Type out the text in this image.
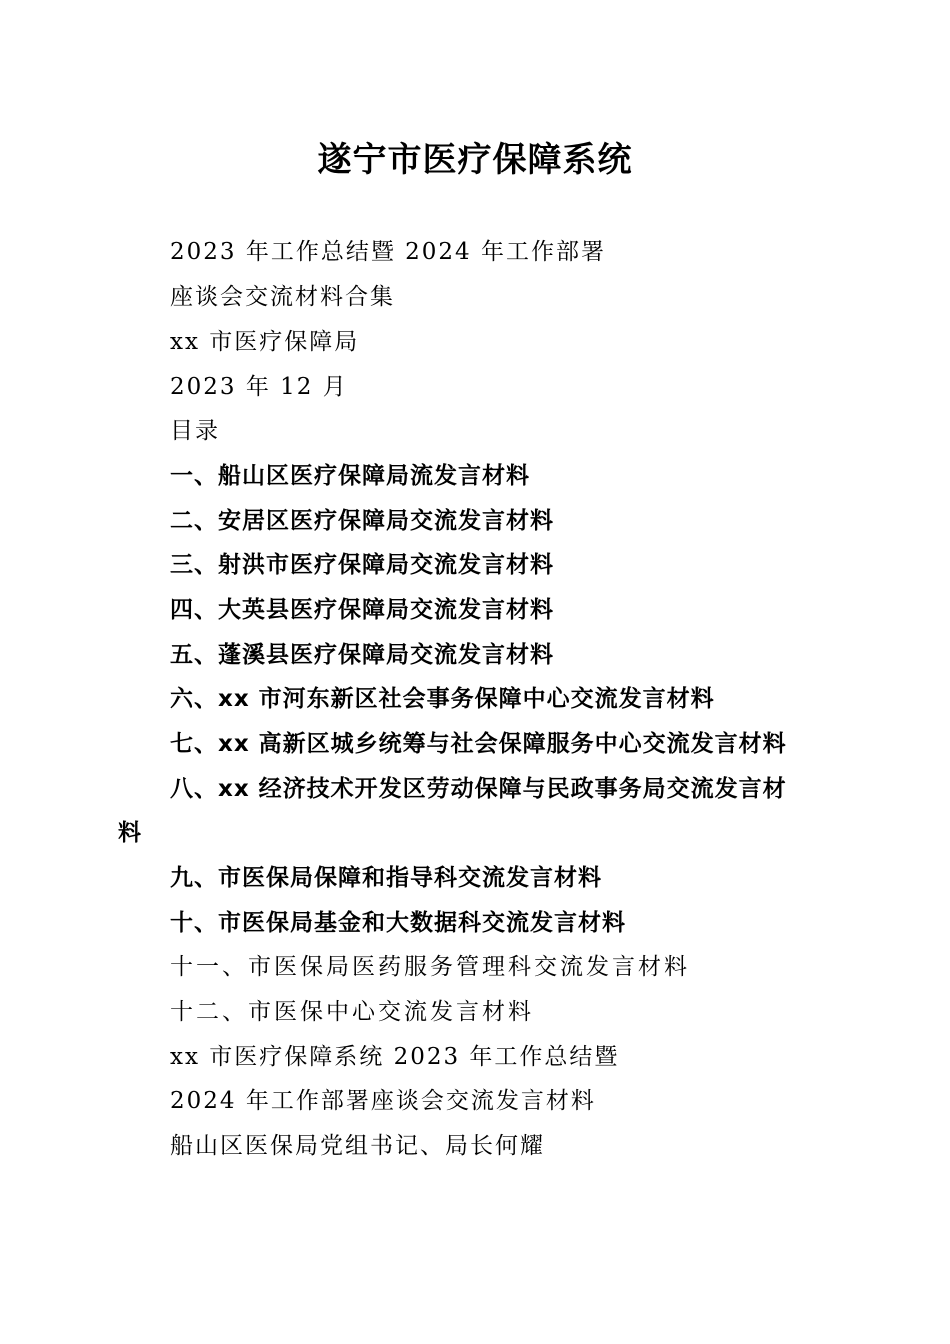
遂宁市医疗保障系统
2023 年工作总结暨 2024 年工作部署
座谈会交流材料合集
xx 市医疗保障局
2023 年 12 月
目录
一、船山区医疗保障局流发言材料
二、安居区医疗保障局交流发言材料
三、射洪市医疗保障局交流发言材料
四、大英县医疗保障局交流发言材料
五、蓬溪县医疗保障局交流发言材料
六、xx 市河东新区社会事务保障中心交流发言材料
七、xx 高新区城乡统筹与社会保障服务中心交流发言材料
八、xx 经济技术开发区劳动保障与民政事务局交流发言材
料
九、市医保局保障和指导科交流发言材料
十、市医保局基金和大数据科交流发言材料
十一、市医保局医药服务管理科交流发言材料
十二、市医保中心交流发言材料
xx 市医疗保障系统 2023 年工作总结暨
2024 年工作部署座谈会交流发言材料
船山区医保局党组书记、局长何耀
